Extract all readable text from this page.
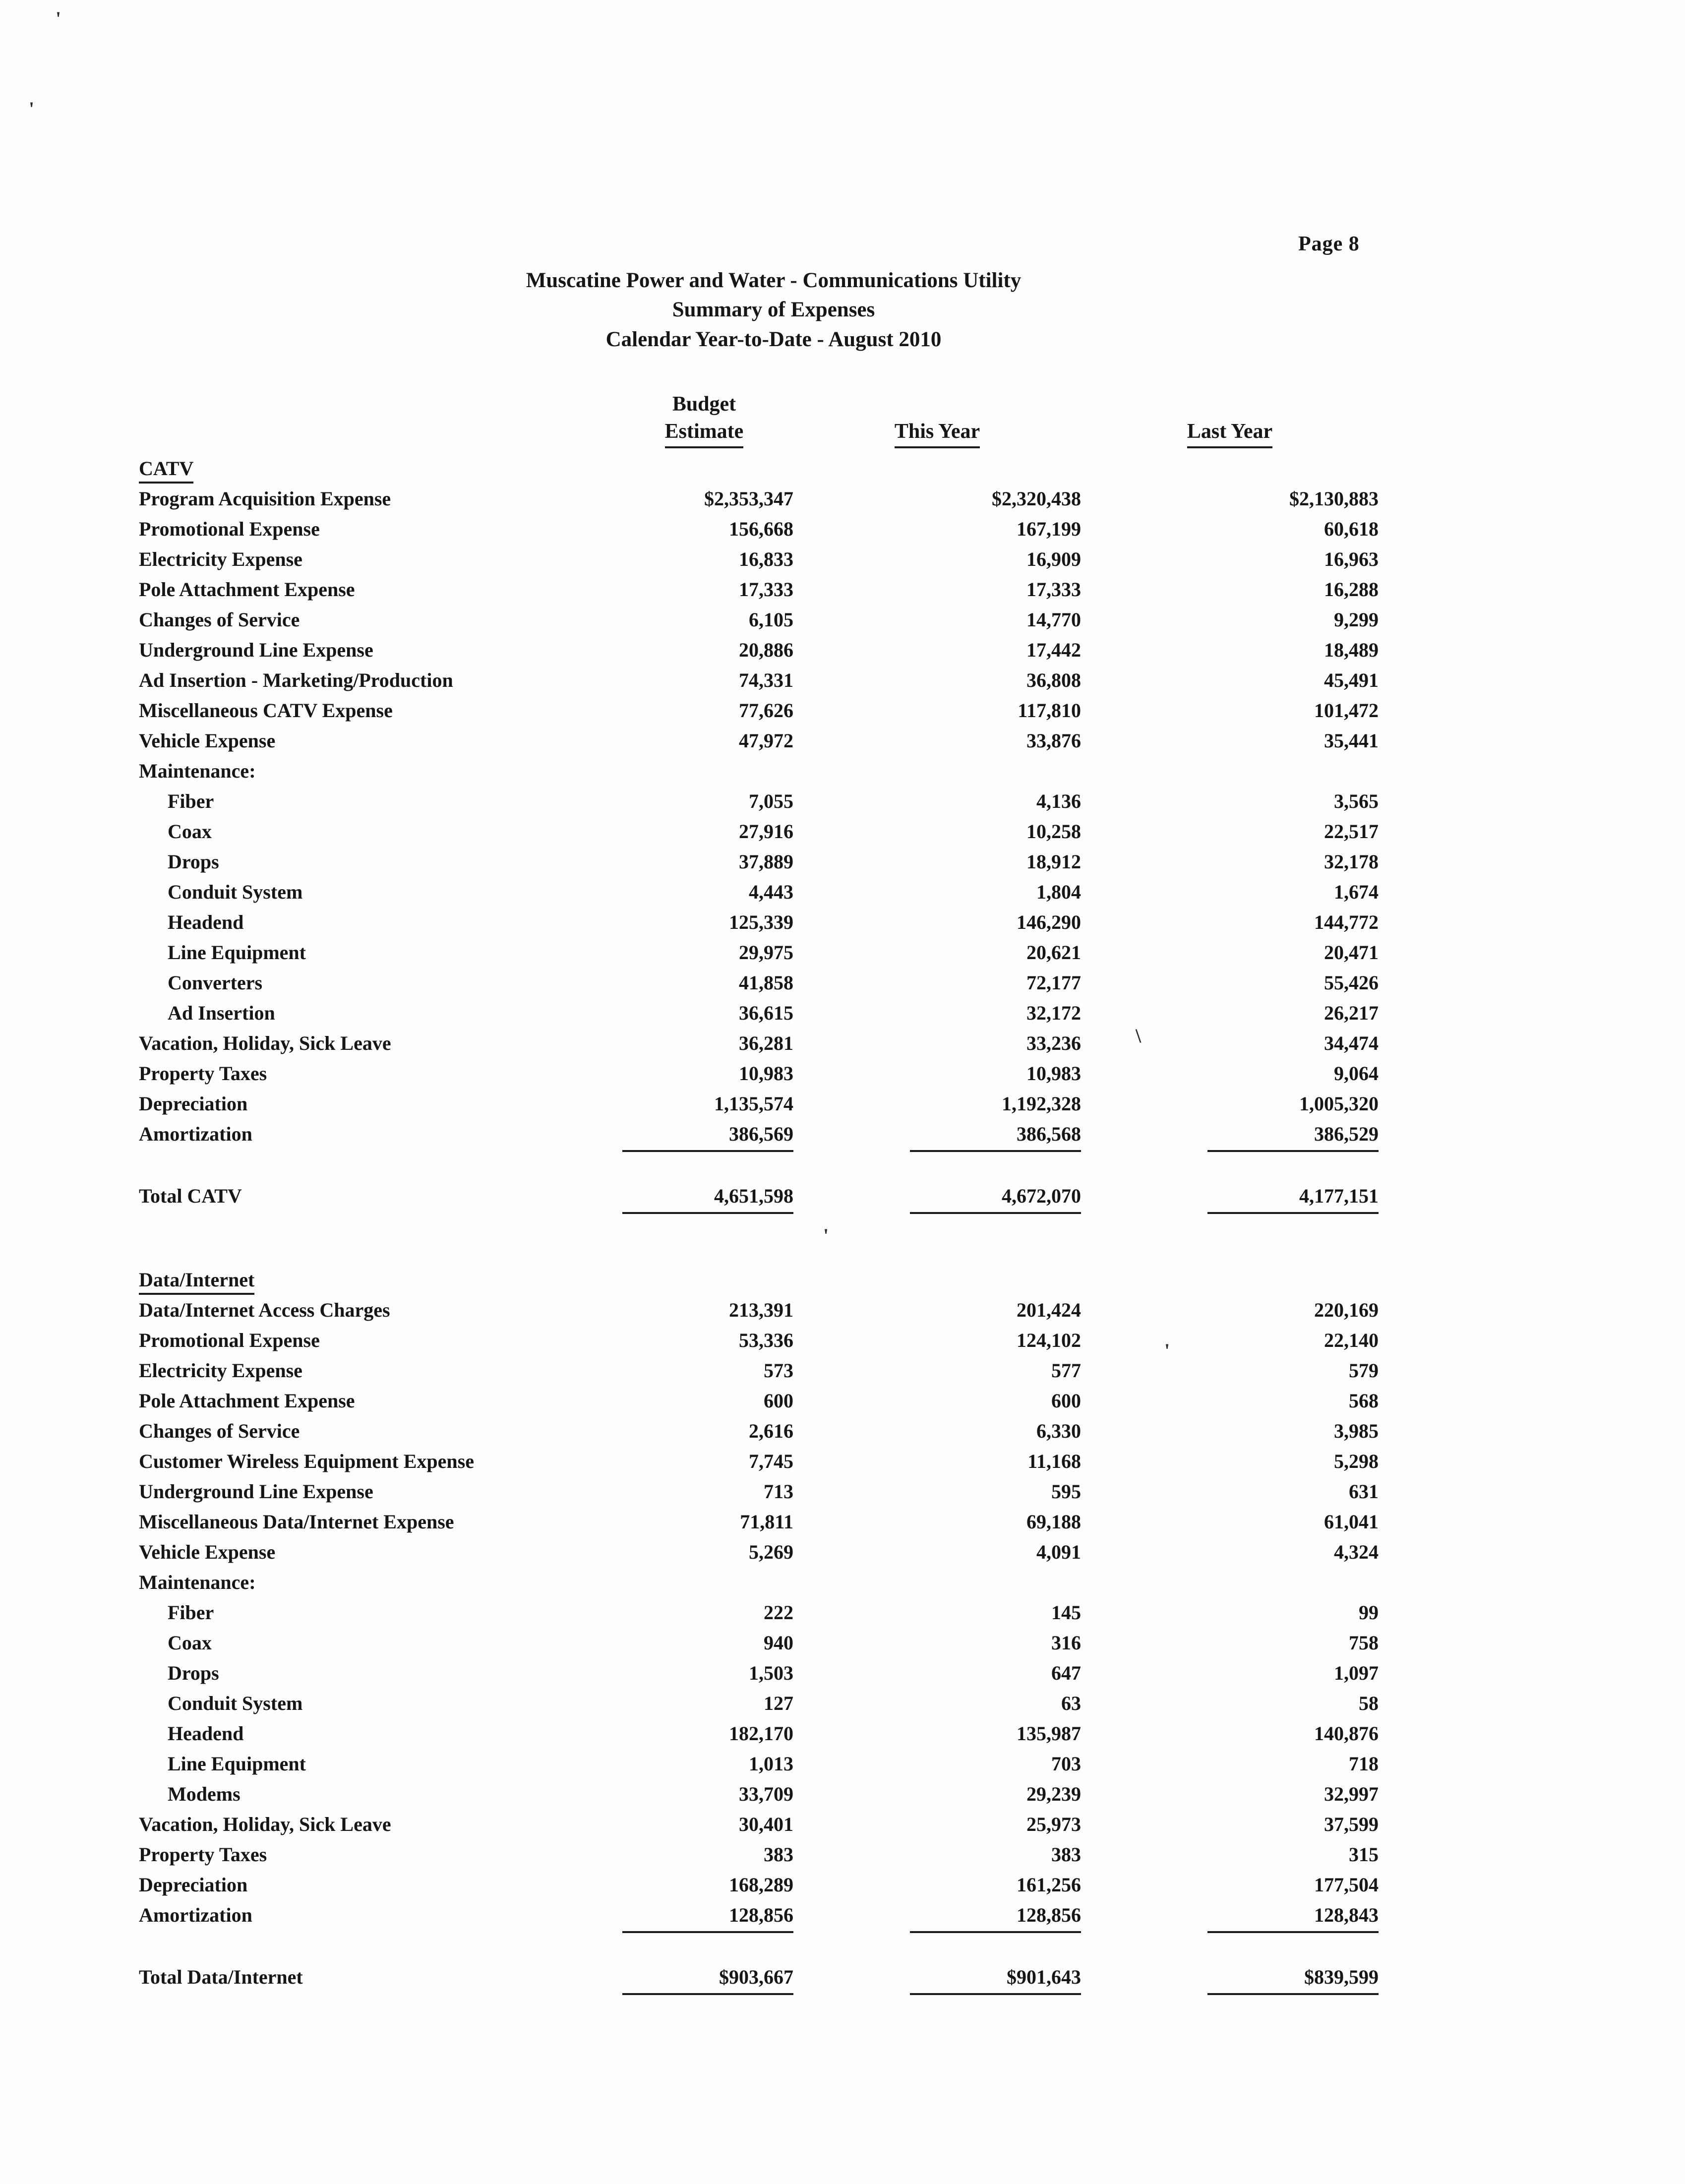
Page 8
Muscatine Power and Water - Communications Utility
Summary of Expenses
Calendar Year-to-Date - August 2010
Budget
Estimate	This Year	Last Year
CATV
Program Acquisition Expense	$2,353,347	$2,320,438	$2,130,883
Promotional Expense	156,668	167,199	60,618
Electricity Expense	16,833	16,909	16,963
Pole Attachment Expense	17,333	17,333	16,288
Changes of Service	6,105	14,770	9,299
Underground Line Expense	20,886	17,442	18,489
Ad Insertion - Marketing/Production	74,331	36,808	45,491
Miscellaneous CATV Expense	77,626	117,810	101,472
Vehicle Expense	47,972	33,876	35,441
Maintenance:
Fiber	7,055	4,136	3,565
Coax	27,916	10,258	22,517
Drops	37,889	18,912	32,178
Conduit System	4,443	1,804	1,674
Headend	125,339	146,290	144,772
Line Equipment	29,975	20,621	20,471
Converters	41,858	72,177	55,426
Ad Insertion	36,615	32,172	26,217
Vacation, Holiday, Sick Leave	36,281	33,236	34,474
Property Taxes	10,983	10,983	9,064
Depreciation	1,135,574	1,192,328	1,005,320
Amortization	386,569	386,568	386,529
Total CATV	4,651,598	4,672,070	4,177,151
Data/Internet
Data/Internet Access Charges	213,391	201,424	220,169
Promotional Expense	53,336	124,102	22,140
Electricity Expense	573	577	579
Pole Attachment Expense	600	600	568
Changes of Service	2,616	6,330	3,985
Customer Wireless Equipment Expense	7,745	11,168	5,298
Underground Line Expense	713	595	631
Miscellaneous Data/Internet Expense	71,811	69,188	61,041
Vehicle Expense	5,269	4,091	4,324
Maintenance:
Fiber	222	145	99
Coax	940	316	758
Drops	1,503	647	1,097
Conduit System	127	63	58
Headend	182,170	135,987	140,876
Line Equipment	1,013	703	718
Modems	33,709	29,239	32,997
Vacation, Holiday, Sick Leave	30,401	25,973	37,599
Property Taxes	383	383	315
Depreciation	168,289	161,256	177,504
Amortization	128,856	128,856	128,843
Total Data/Internet	$903,667	$901,643	$839,599
'
'
\
'
'
